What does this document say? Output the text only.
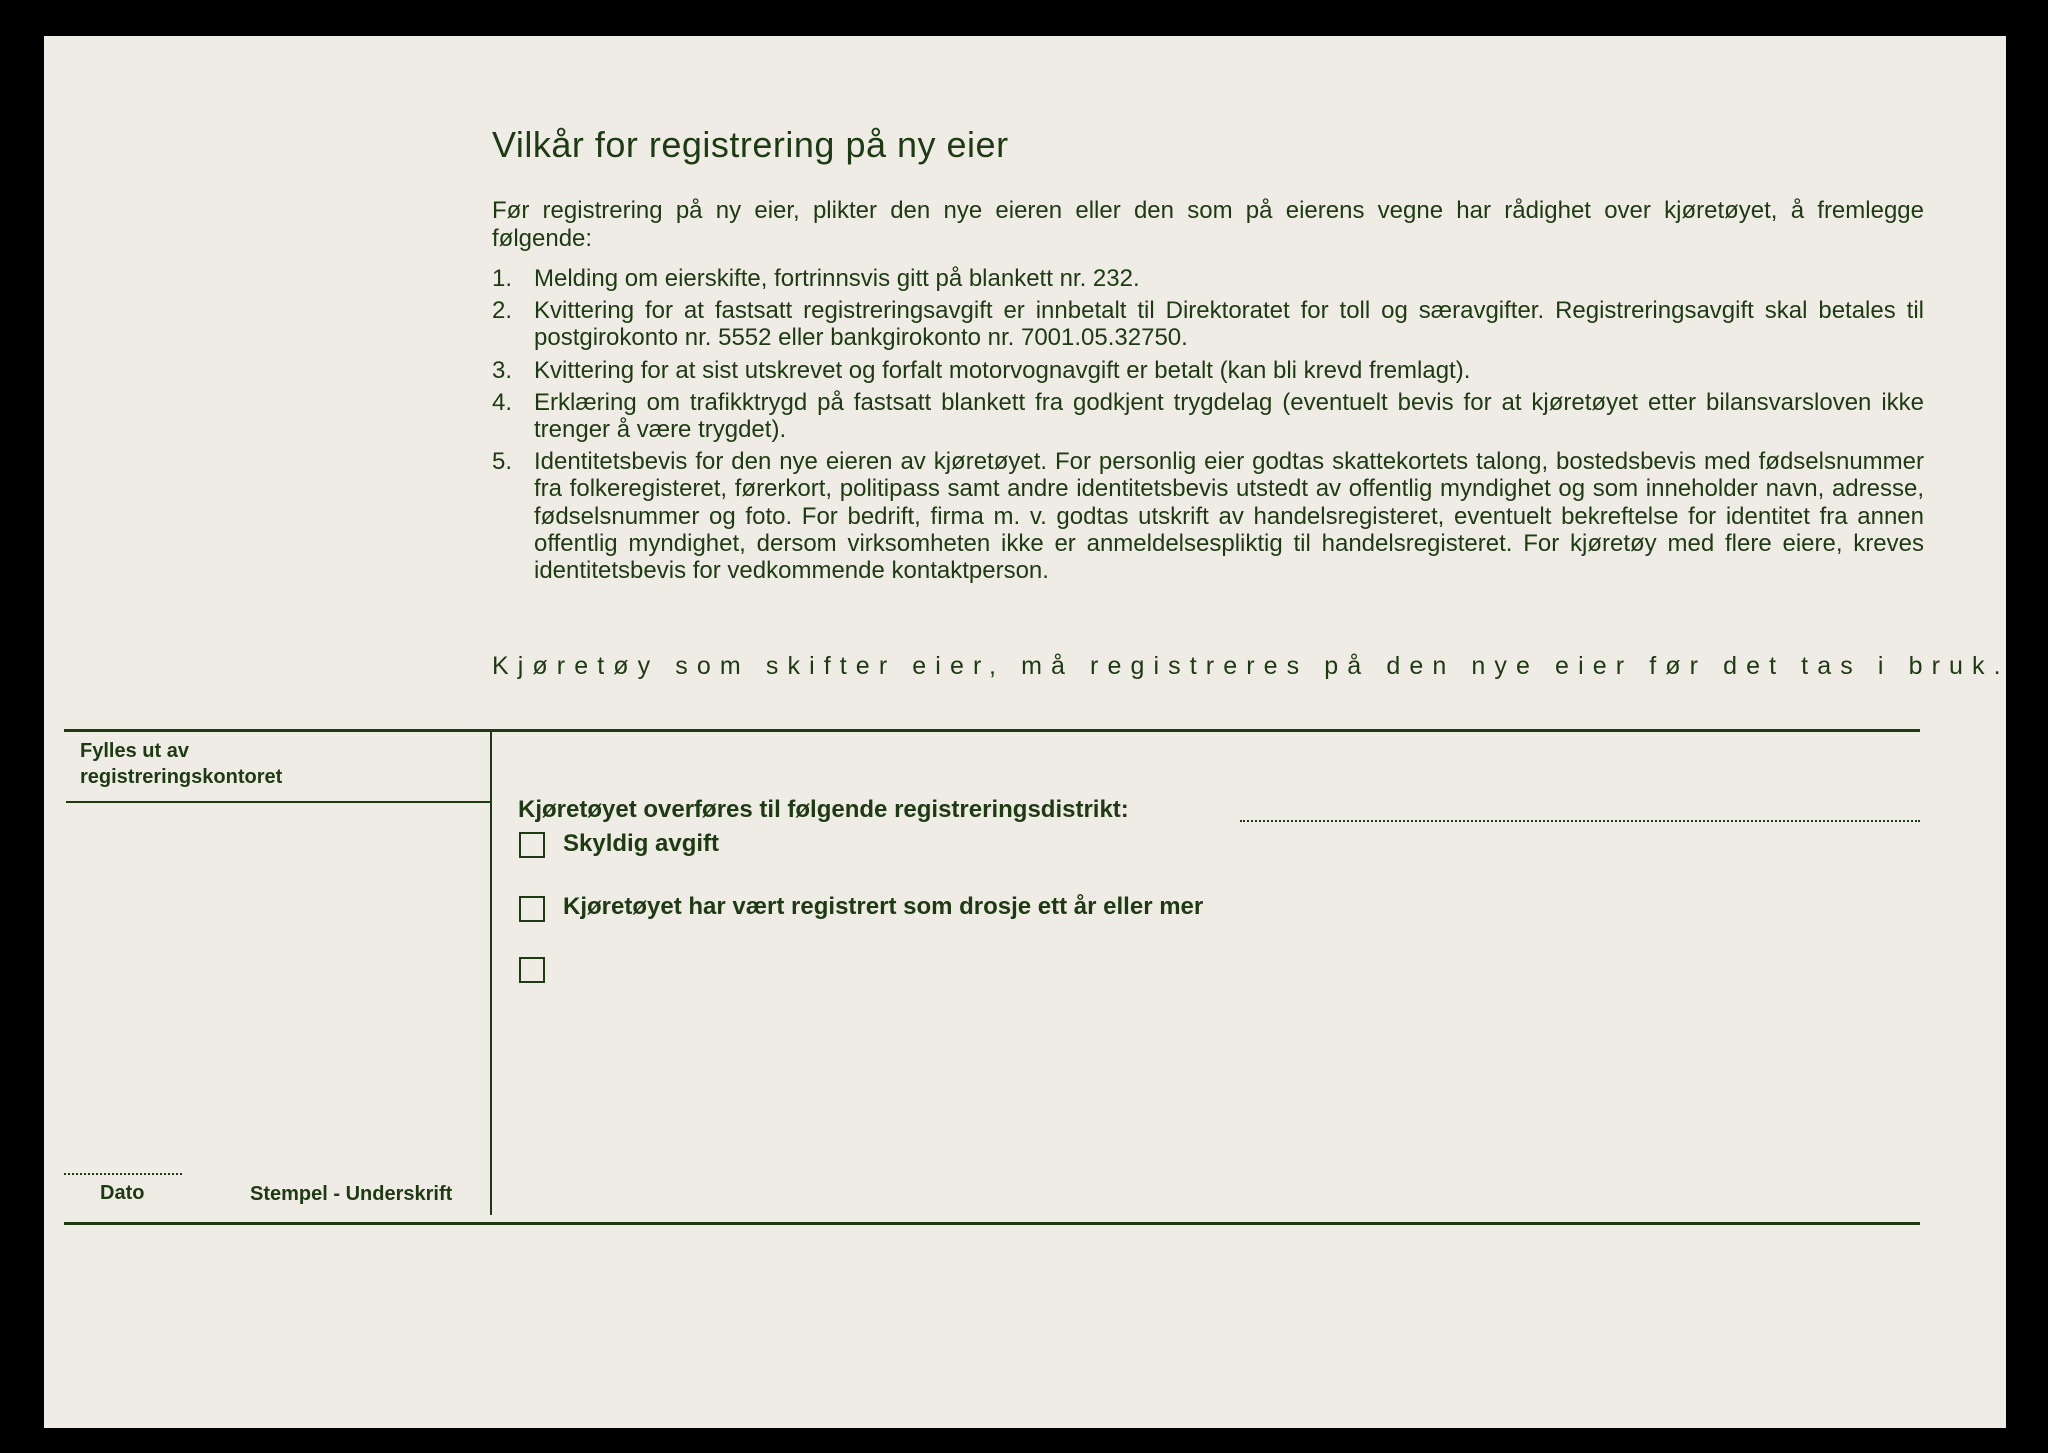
Vilkår for registrering på ny eier

Før registrering på ny eier, plikter den nye eieren eller den som på eierens vegne har rådighet over kjøretøyet, å fremlegge følgende:

1. Melding om eierskifte, fortrinnsvis gitt på blankett nr. 232.
2. Kvittering for at fastsatt registreringsavgift er innbetalt til Direktoratet for toll og særavgifter. Registreringsavgift skal betales til postgirokonto nr. 5552 eller bankgirokonto nr. 7001.05.32750.
3. Kvittering for at sist utskrevet og forfalt motorvognavgift er betalt (kan bli krevd fremlagt).
4. Erklæring om trafikktrygd på fastsatt blankett fra godkjent trygdelag (eventuelt bevis for at kjøretøyet etter bilansvarsloven ikke trenger å være trygdet).
5. Identitetsbevis for den nye eieren av kjøretøyet. For personlig eier godtas skattekortets talong, bostedsbevis med fødselsnummer fra folkeregisteret, førerkort, politipass samt andre identitetsbevis utstedt av offentlig myndighet og som inneholder navn, adresse, fødselsnummer og foto. For bedrift, firma m. v. godtas utskrift av handelsregisteret, eventuelt bekreftelse for identitet fra annen offentlig myndighet, dersom virksomheten ikke er anmeldelsespliktig til handelsregisteret. For kjøretøy med flere eiere, kreves identitetsbevis for vedkommende kontaktperson.
Kjøretøy som skifter eier, må registreres på den nye eier før det tas i bruk.
Fylles ut av
registreringskontoret
Dato	Stempel - Underskrift
Kjøretøyet overføres til følgende registreringsdistrikt:
Skyldig avgift
Kjøretøyet har vært registrert som drosje ett år eller mer
